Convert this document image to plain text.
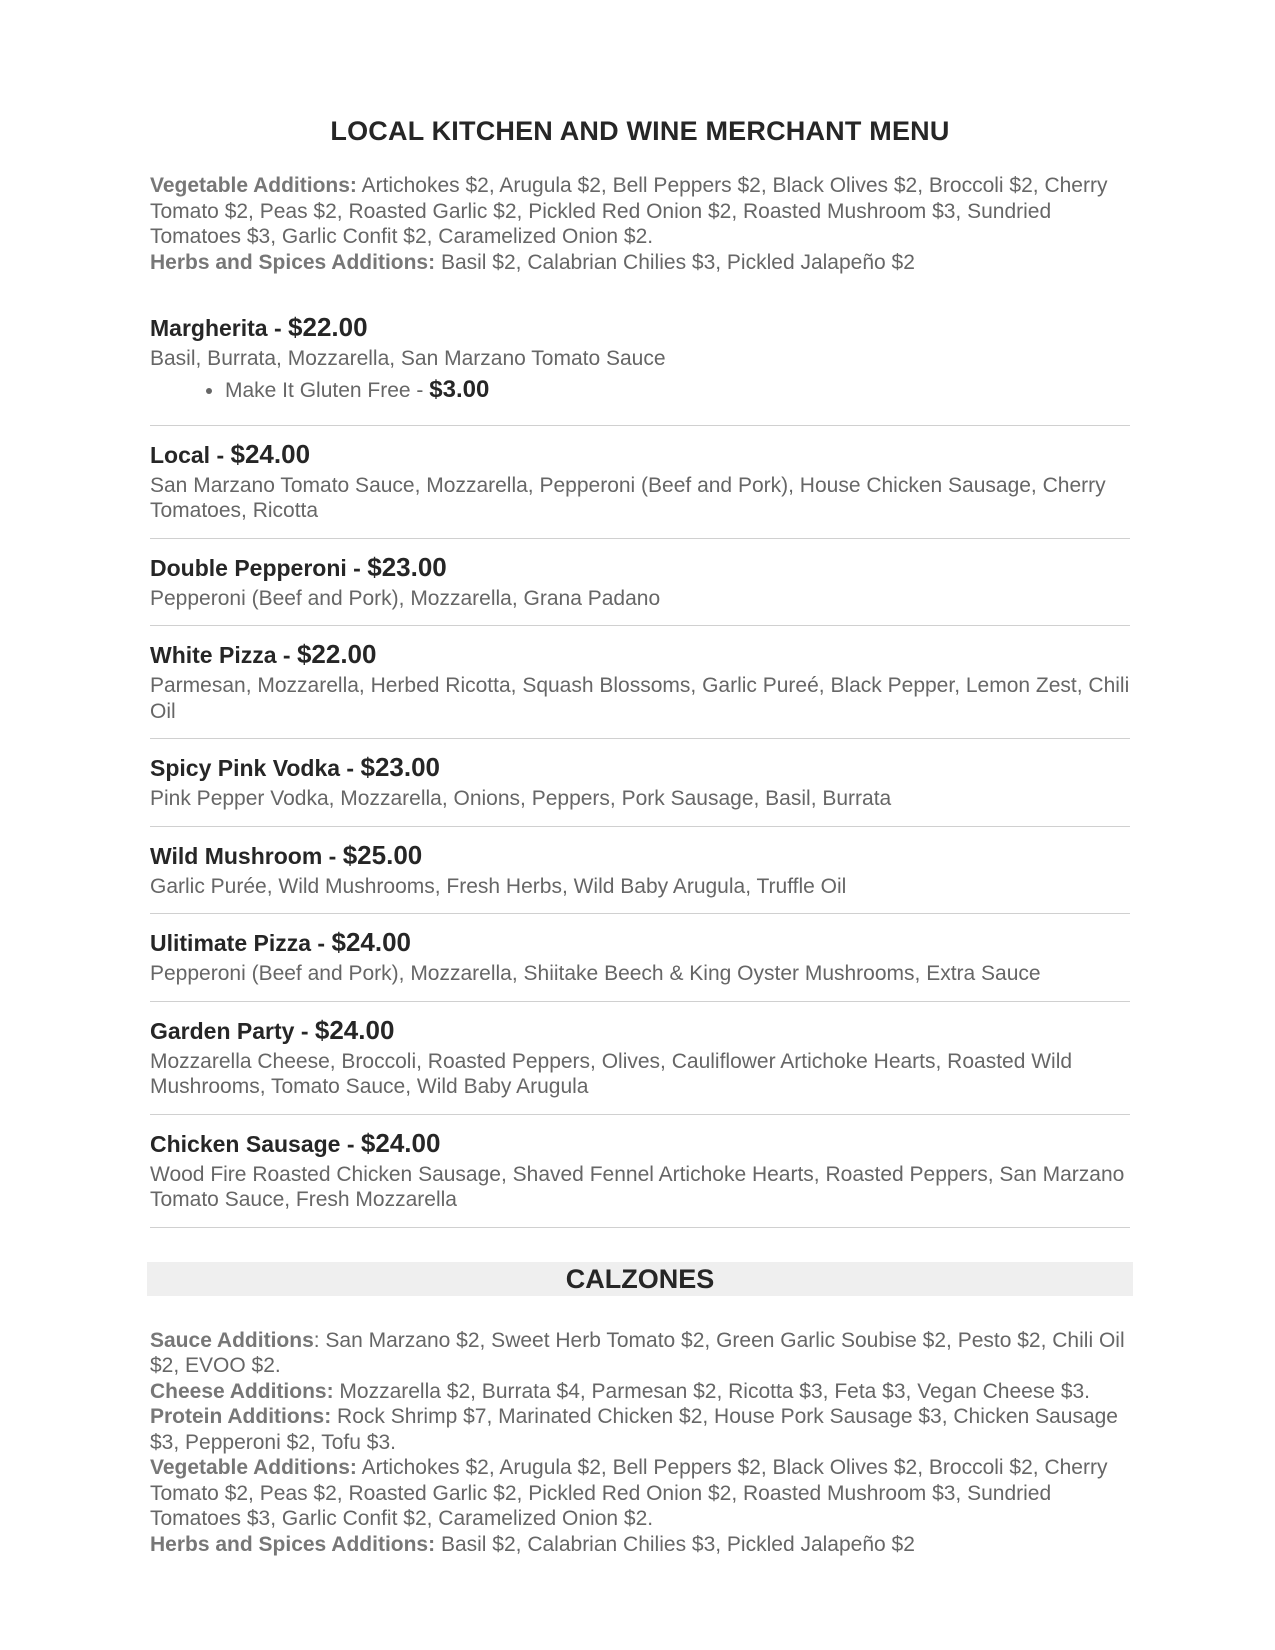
LOCAL KITCHEN AND WINE MERCHANT MENU

Vegetable Additions: Artichokes $2, Arugula $2, Bell Peppers $2, Black Olives $2, Broccoli $2, Cherry Tomato $2, Peas $2, Roasted Garlic $2, Pickled Red Onion $2, Roasted Mushroom $3, Sundried Tomatoes $3, Garlic Confit $2, Caramelized Onion $2.

Herbs and Spices Additions: Basil $2, Calabrian Chilies $3, Pickled Jalapeño $2

Margherita - $22.00
Basil, Burrata, Mozzarella, San Marzano Tomato Sauce
• Make It Gluten Free - $3.00
Local - $24.00
San Marzano Tomato Sauce, Mozzarella, Pepperoni (Beef and Pork), House Chicken Sausage, Cherry Tomatoes, Ricotta
Double Pepperoni - $23.00
Pepperoni (Beef and Pork), Mozzarella, Grana Padano
White Pizza - $22.00
Parmesan, Mozzarella, Herbed Ricotta, Squash Blossoms, Garlic Pureé, Black Pepper, Lemon Zest, Chili Oil
Spicy Pink Vodka - $23.00
Pink Pepper Vodka, Mozzarella, Onions, Peppers, Pork Sausage, Basil, Burrata
Wild Mushroom - $25.00
Garlic Purée, Wild Mushrooms, Fresh Herbs, Wild Baby Arugula, Truffle Oil
Ulitimate Pizza - $24.00
Pepperoni (Beef and Pork), Mozzarella, Shiitake Beech & King Oyster Mushrooms, Extra Sauce
Garden Party - $24.00
Mozzarella Cheese, Broccoli, Roasted Peppers, Olives, Cauliflower Artichoke Hearts, Roasted Wild Mushrooms, Tomato Sauce, Wild Baby Arugula
Chicken Sausage - $24.00
Wood Fire Roasted Chicken Sausage, Shaved Fennel Artichoke Hearts, Roasted Peppers, San Marzano Tomato Sauce, Fresh Mozzarella
CALZONES

Sauce Additions: San Marzano $2, Sweet Herb Tomato $2, Green Garlic Soubise $2, Pesto $2, Chili Oil $2, EVOO $2.

Cheese Additions: Mozzarella $2, Burrata $4, Parmesan $2, Ricotta $3, Feta $3, Vegan Cheese $3.

Protein Additions: Rock Shrimp $7, Marinated Chicken $2, House Pork Sausage $3, Chicken Sausage $3, Pepperoni $2, Tofu $3.

Vegetable Additions: Artichokes $2, Arugula $2, Bell Peppers $2, Black Olives $2, Broccoli $2, Cherry Tomato $2, Peas $2, Roasted Garlic $2, Pickled Red Onion $2, Roasted Mushroom $3, Sundried Tomatoes $3, Garlic Confit $2, Caramelized Onion $2.

Herbs and Spices Additions: Basil $2, Calabrian Chilies $3, Pickled Jalapeño $2
